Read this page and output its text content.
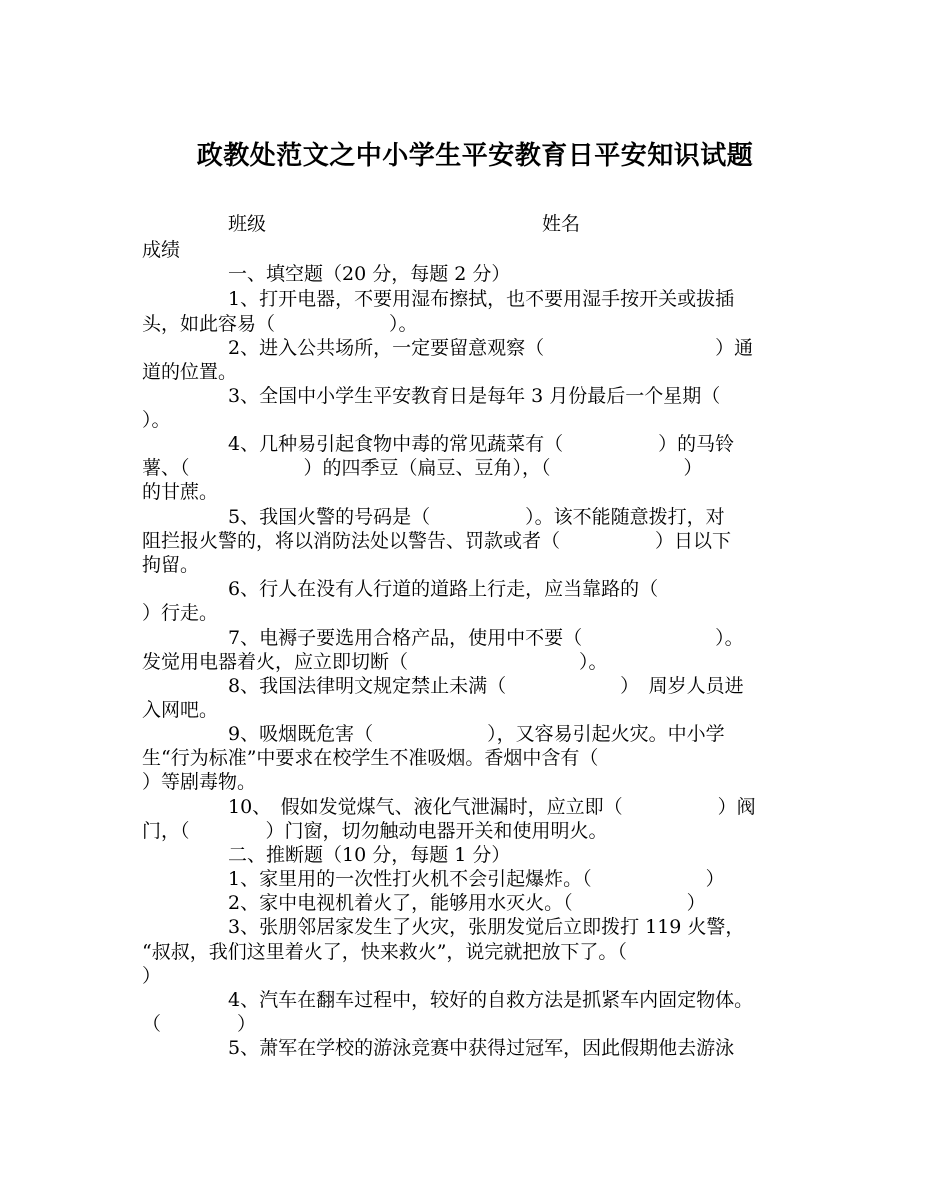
政教处范文之中小学生平安教育日平安知识试题
班级	姓名
成绩
一、填空题（20 分，每题 2 分）
1、打开电器，不要用湿布擦拭，也不要用湿手按开关或拔插
头，如此容易（　　　　　　）。
2、进入公共场所，一定要留意观察（　　　　　　　　　）通
道的位置。
3、全国中小学生平安教育日是每年 3 月份最后一个星期（
）。
4、几种易引起食物中毒的常见蔬菜有（　　　　　）的马铃
薯、（　　　　　　）的四季豆（扁豆、豆角），（　　　　　　　）
的甘蔗。
5、我国火警的号码是（　　　　　）。该不能随意拨打，对
阻拦报火警的，将以消防法处以警告、罚款或者（　　　　　）日以下
拘留。
6、行人在没有人行道的道路上行走，应当靠路的（
）行走。
7、电褥子要选用合格产品，使用中不要（　　　　　　　）。
发觉用电器着火，应立即切断（　　　　　　　　　）。
8、我国法律明文规定禁止未满（　　　　　　）　周岁人员进
入网吧。
9、吸烟既危害（　　　　　　），又容易引起火灾。中小学
生“行为标准”中要求在校学生不准吸烟。香烟中含有（
）等剧毒物。
10、　假如发觉煤气、液化气泄漏时，应立即（　　　　　）阀
门，（　　　　）门窗，切勿触动电器开关和使用明火。
二、推断题（10 分，每题 1 分）
1、家里用的一次性打火机不会引起爆炸。（　　　　　　）
2、家中电视机着火了，能够用水灭火。（　　　　　　）
3、张朋邻居家发生了火灾，张朋发觉后立即拨打 119 火警，
“叔叔，我们这里着火了，快来救火”，说完就把放下了。（
）
4、汽车在翻车过程中，较好的自救方法是抓紧车内固定物体。
（　　　　）
5、萧军在学校的游泳竞赛中获得过冠军，因此假期他去游泳
